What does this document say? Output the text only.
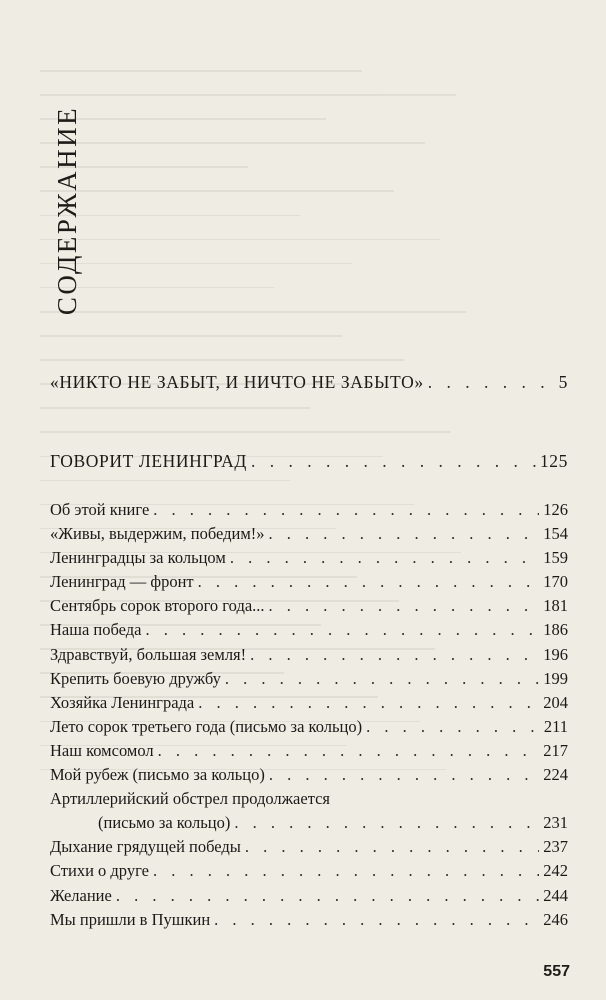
СОДЕРЖАНИЕ
«НИКТО НЕ ЗАБЫТ, И НИЧТО НЕ ЗАБЫТО» . . .	5
ГОВОРИТ ЛЕНИНГРАД . . .	125
Об этой книге . . .	126
«Живы, выдержим, победим!» . . .	154
Ленинградцы за кольцом . . .	159
Ленинград — фронт . . .	170
Сентябрь сорок второго года... . . .	181
Наша победа . . .	186
Здравствуй, большая земля! . . .	196
Крепить боевую дружбу . . .	199
Хозяйка Ленинграда . . .	204
Лето сорок третьего года (письмо за кольцо) . . .	211
Наш комсомол . . .	217
Мой рубеж (письмо за кольцо) . . .	224
Артиллерийский обстрел продолжается
(письмо за кольцо) . . .	231
Дыхание грядущей победы . . .	237
Стихи о друге . . .	242
Желание . . .	244
Мы пришли в Пушкин . . .	246
557
